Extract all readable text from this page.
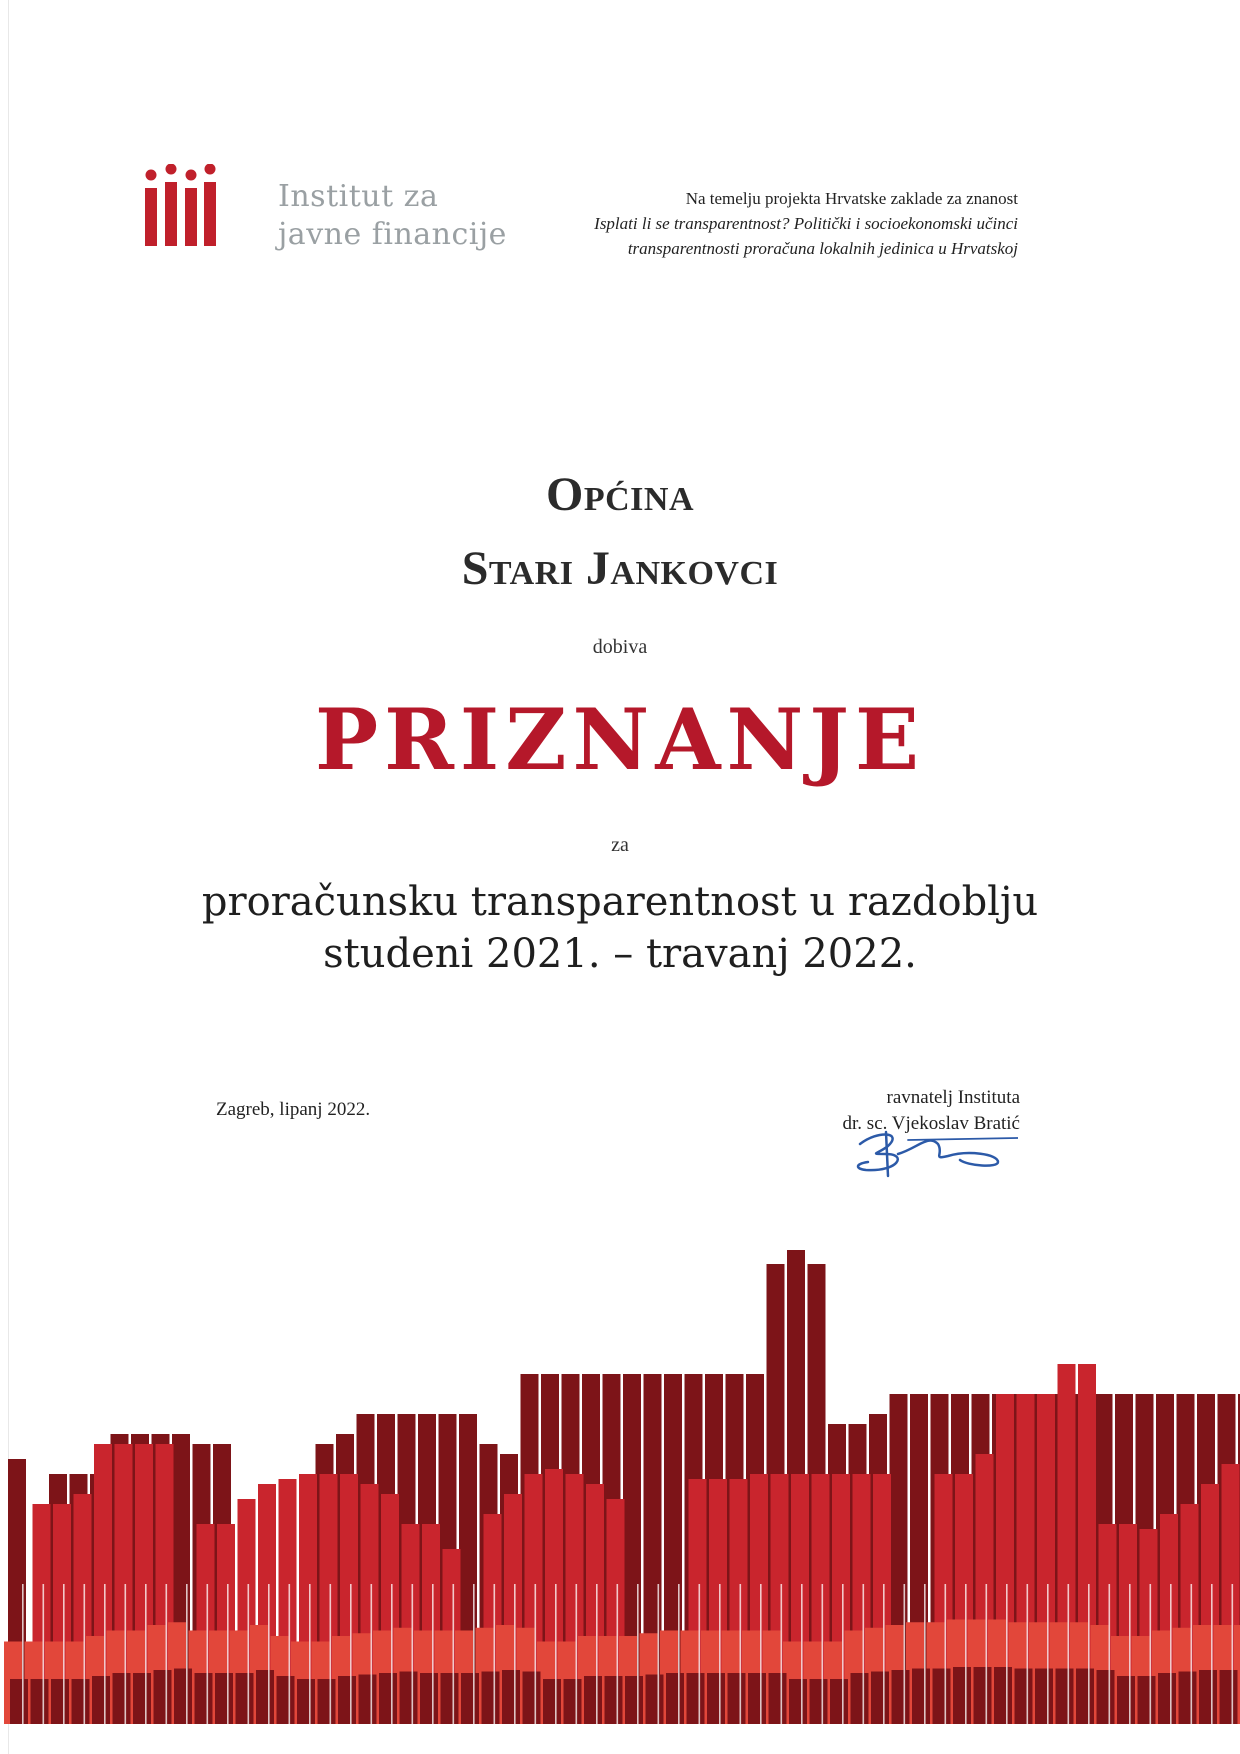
Institut za
javne financije
Na temelju projekta Hrvatske zaklade za znanost
Isplati li se transparentnost? Politički i socioekonomski učinci
transparentnosti proračuna lokalnih jedinica u Hrvatskoj
Općina
Stari Jankovci
dobiva
PRIZNANJE
za
proračunsku transparentnost u razdoblju
studeni 2021. – travanj 2022.
Zagreb, lipanj 2022.
ravnatelj Instituta
dr. sc. Vjekoslav Bratić
